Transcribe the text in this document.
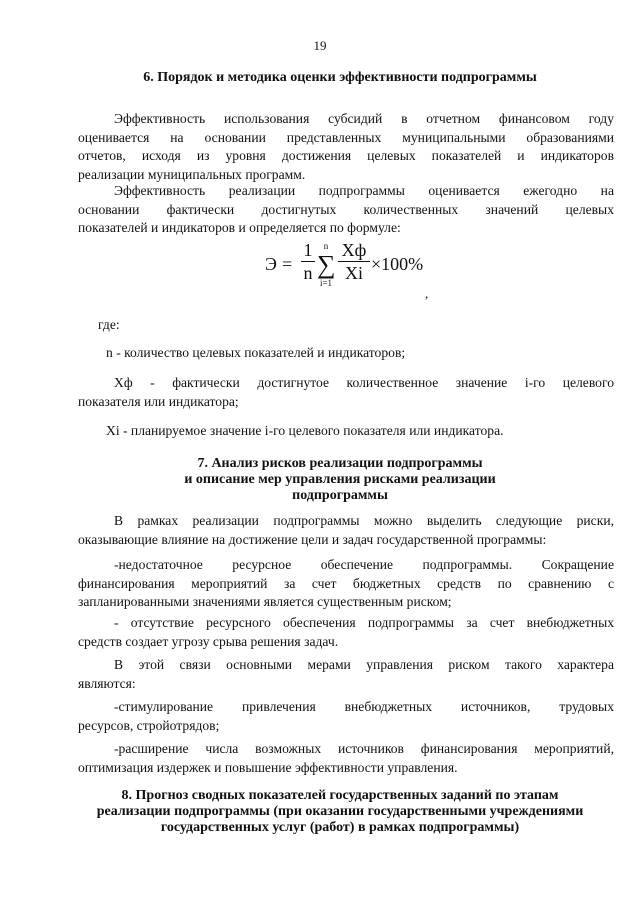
19
6. Порядок и методика оценки эффективности подпрограммы
Эффективность использования субсидий в отчетном финансовом году
оценивается на основании представленных муниципальными образованиями
отчетов, исходя из уровня достижения целевых показателей и индикаторов
реализации муниципальных программ.
Эффективность реализации подпрограммы оценивается ежегодно на
основании фактически достигнутых количественных значений целевых
показателей и индикаторов и определяется по формуле:
Э =
1
n
n
∑
i=1
Хф
Хi ×100%
,
где:
n - количество целевых показателей и индикаторов;
Хф - фактически достигнутое количественное значение i-го целевого
показателя или индикатора;
Хi - планируемое значение i-го целевого показателя или индикатора.
7. Анализ рисков реализации подпрограммы
и описание мер управления рисками реализации
подпрограммы
В рамках реализации подпрограммы можно выделить следующие риски,
оказывающие влияние на достижение цели и задач государственной программы:
-недостаточное ресурсное обеспечение подпрограммы. Сокращение
финансирования мероприятий за счет бюджетных средств по сравнению с
запланированными значениями является существенным риском;
- отсутствие ресурсного обеспечения подпрограммы за счет внебюджетных
средств создает угрозу срыва решения задач.
В этой связи основными мерами управления риском такого характера
являются:
-стимулирование привлечения внебюджетных источников, трудовых
ресурсов, стройотрядов;
-расширение числа возможных источников финансирования мероприятий,
оптимизация издержек и повышение эффективности управления.
8. Прогноз сводных показателей государственных заданий по этапам
реализации подпрограммы (при оказании государственными учреждениями
государственных услуг (работ) в рамках подпрограммы)
